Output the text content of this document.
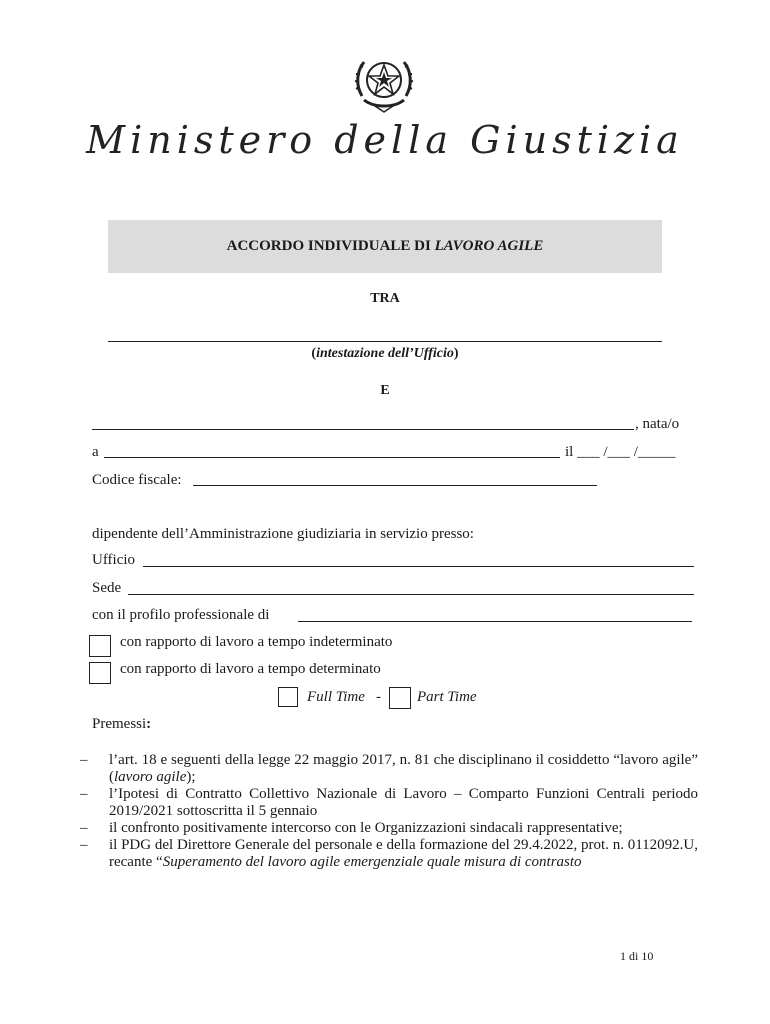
Ministero della Giustizia
ACCORDO INDIVIDUALE DI LAVORO AGILE
TRA
(intestazione dell’Ufficio)
E
, nata/o
a	il ___ /___ /_____
Codice fiscale:
dipendente dell’Amministrazione giudiziaria in servizio presso:
Ufficio
Sede
con il profilo professionale di
con rapporto di lavoro a tempo indeterminato
con rapporto di lavoro a tempo determinato
Full Time - Part Time
Premessi:
–	l’art. 18 e seguenti della legge 22 maggio 2017, n. 81 che disciplinano il cosiddetto “lavoro agile” (lavoro agile);
–	l’Ipotesi di Contratto Collettivo Nazionale di Lavoro – Comparto Funzioni Centrali periodo 2019/2021 sottoscritta il 5 gennaio
–	il confronto positivamente intercorso con le Organizzazioni sindacali rappresentative;
–	il PDG del Direttore Generale del personale e della formazione del 29.4.2022, prot. n. 0112092.U, recante “Superamento del lavoro agile emergenziale quale misura di contrasto
1 di 10
